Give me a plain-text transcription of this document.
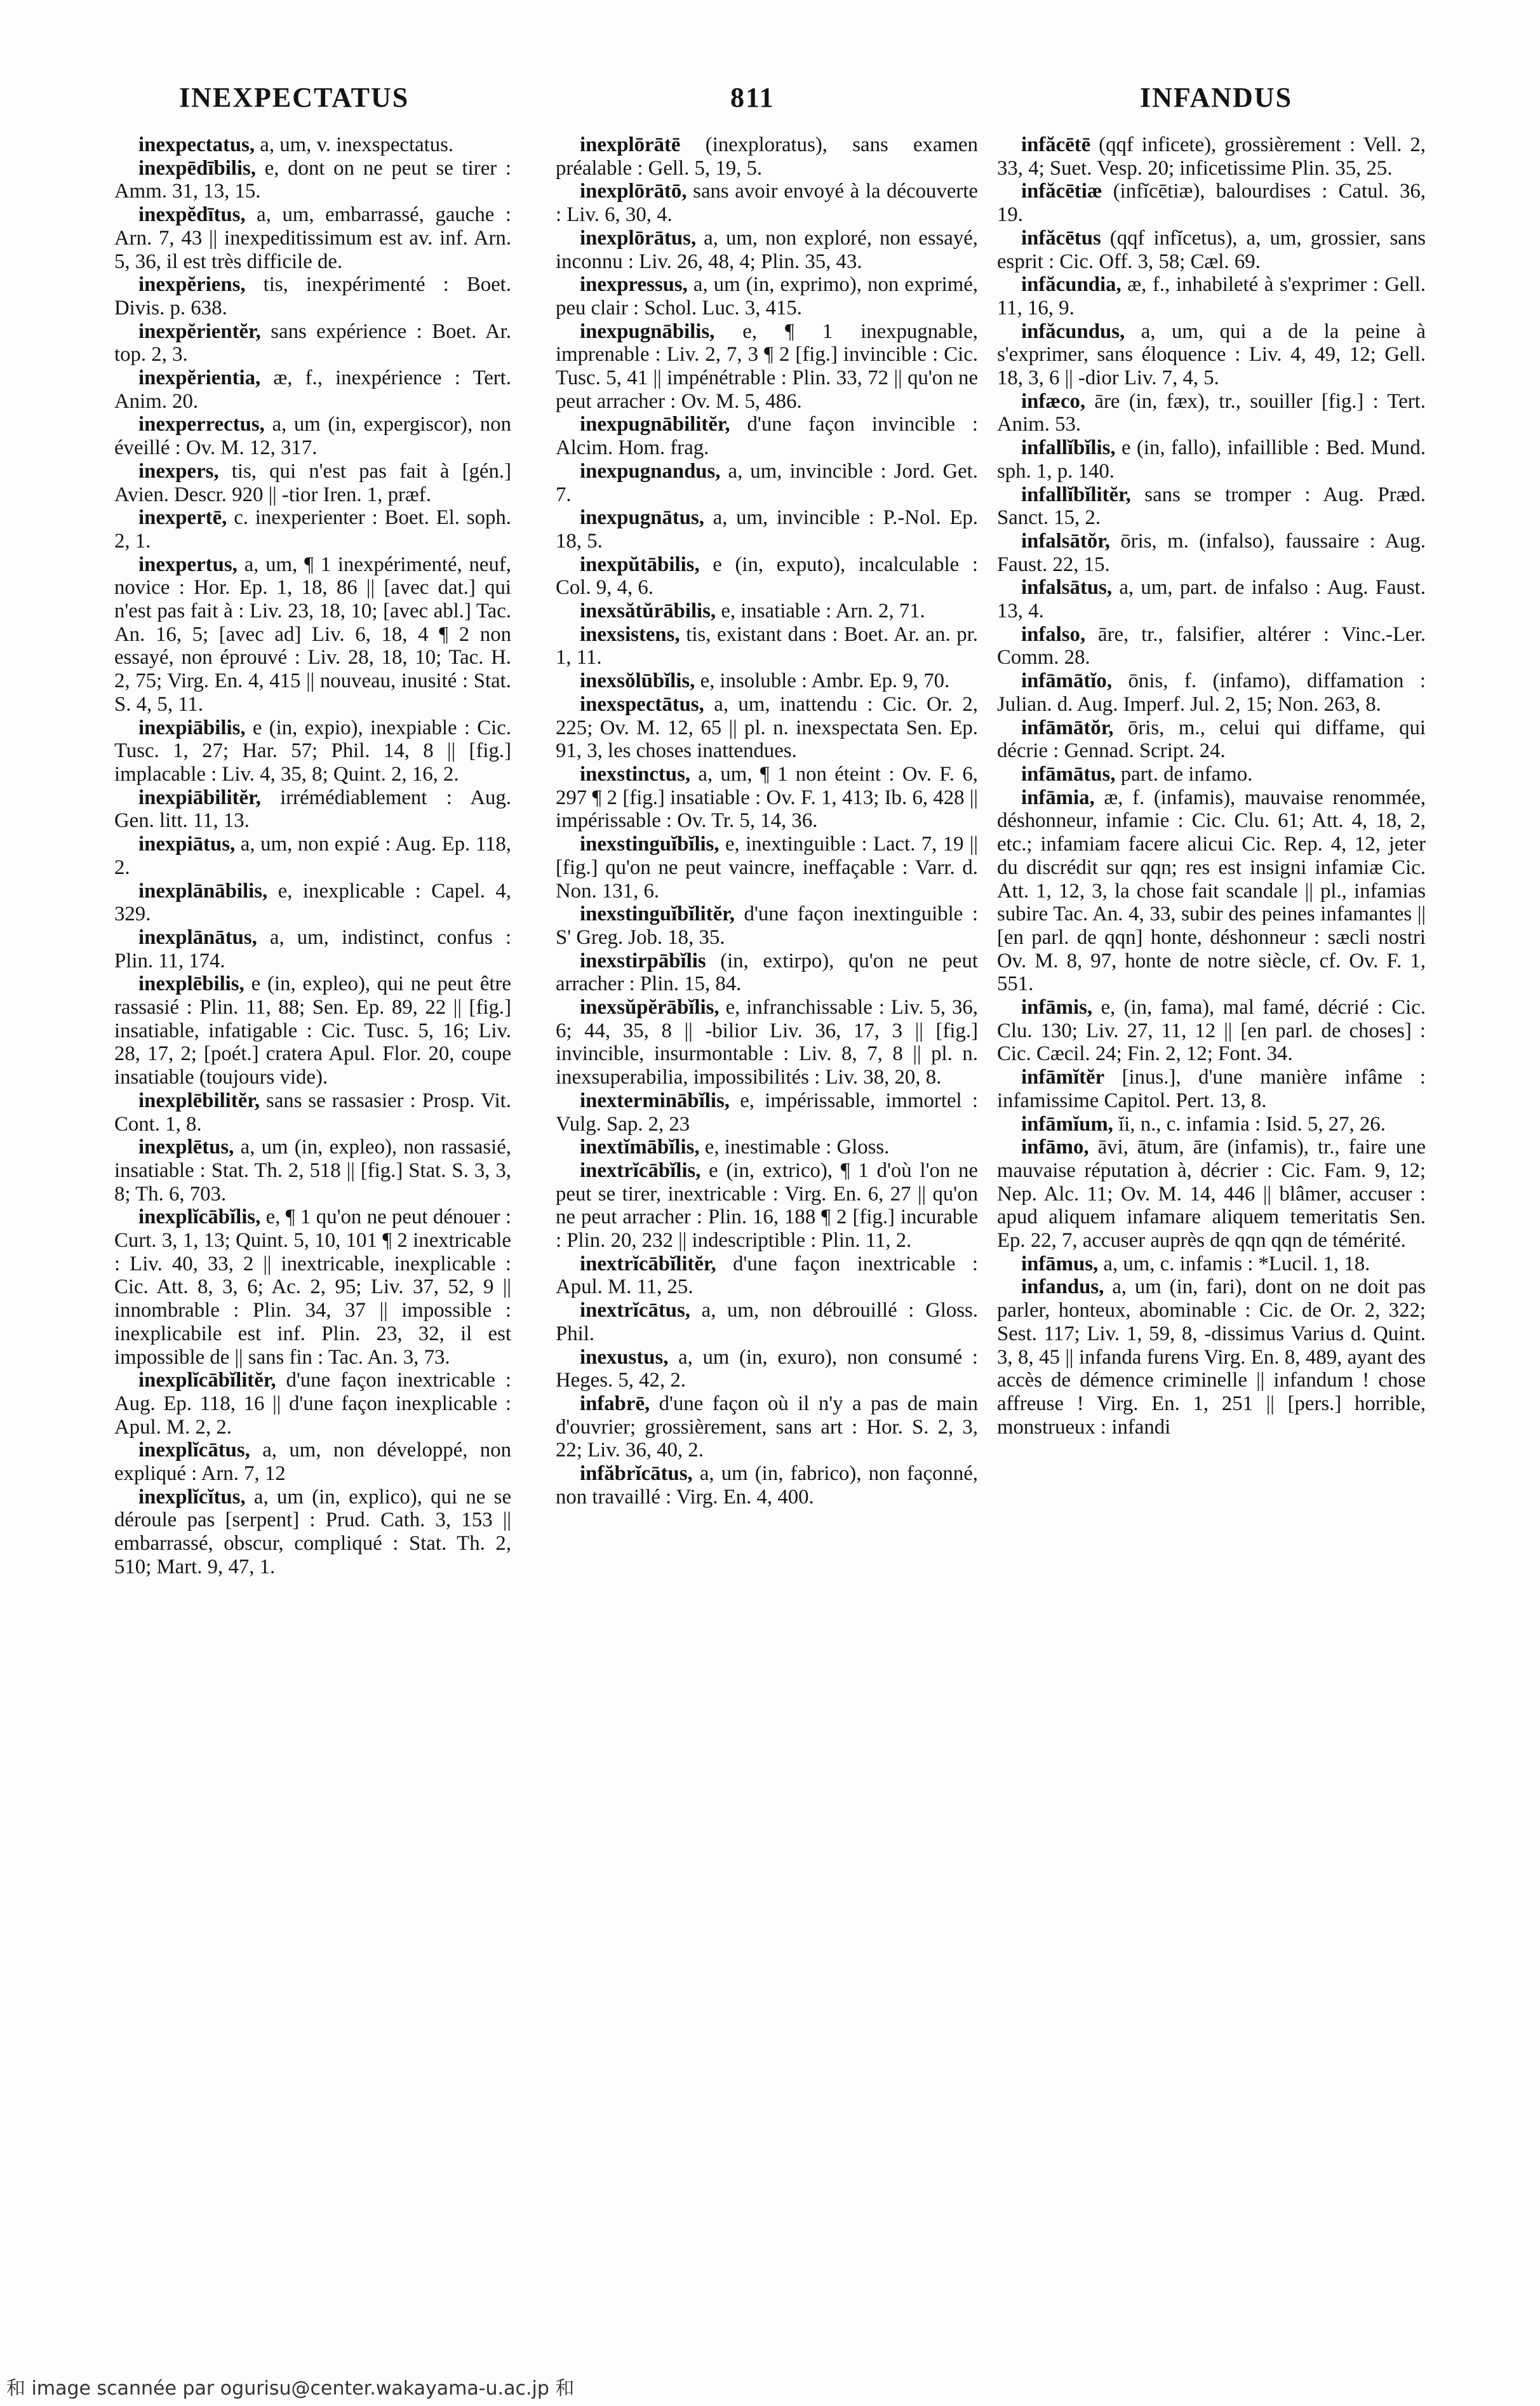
INEXPECTATUS	811	INFANDUS

inexpectatus, a, um, v. inexspectatus.

inexpēdībilis, e, dont on ne peut se tirer : Amm. 31, 13, 15.

inexpĕdītus, a, um, embarrassé, gauche : Arn. 7, 43 || inexpeditissimum est av. inf. Arn. 5, 36, il est très difficile de.

inexpĕriens, tis, inexpérimenté : Boet. Divis. p. 638.

inexpĕrientĕr, sans expérience : Boet. Ar. top. 2, 3.

inexpĕrientia, æ, f., inexpérience : Tert. Anim. 20.

inexperrectus, a, um (in, expergiscor), non éveillé : Ov. M. 12, 317.

inexpers, tis, qui n'est pas fait à [gén.] Avien. Descr. 920 || -tior Iren. 1, præf.

inexpertē, c. inexperienter : Boet. El. soph. 2, 1.

inexpertus, a, um, ¶ 1 inexpérimenté, neuf, novice : Hor. Ep. 1, 18, 86 || [avec dat.] qui n'est pas fait à : Liv. 23, 18, 10; [avec abl.] Tac. An. 16, 5; [avec ad] Liv. 6, 18, 4 ¶ 2 non essayé, non éprouvé : Liv. 28, 18, 10; Tac. H. 2, 75; Virg. En. 4, 415 || nouveau, inusité : Stat. S. 4, 5, 11.

inexpiābilis, e (in, expio), inexpiable : Cic. Tusc. 1, 27; Har. 57; Phil. 14, 8 || [fig.] implacable : Liv. 4, 35, 8; Quint. 2, 16, 2.

inexpiābilitĕr, irrémédiablement : Aug. Gen. litt. 11, 13.

inexpiātus, a, um, non expié : Aug. Ep. 118, 2.

inexplānābilis, e, inexplicable : Capel. 4, 329.

inexplānātus, a, um, indistinct, confus : Plin. 11, 174.

inexplēbilis, e (in, expleo), qui ne peut être rassasié : Plin. 11, 88; Sen. Ep. 89, 22 || [fig.] insatiable, infatigable : Cic. Tusc. 5, 16; Liv. 28, 17, 2; [poét.] cratera Apul. Flor. 20, coupe insatiable (toujours vide).

inexplēbilitĕr, sans se rassasier : Prosp. Vit. Cont. 1, 8.

inexplētus, a, um (in, expleo), non rassasié, insatiable : Stat. Th. 2, 518 || [fig.] Stat. S. 3, 3, 8; Th. 6, 703.

inexplĭcābĭlis, e, ¶ 1 qu'on ne peut dénouer : Curt. 3, 1, 13; Quint. 5, 10, 101 ¶ 2 inextricable : Liv. 40, 33, 2 || inextricable, inexplicable : Cic. Att. 8, 3, 6; Ac. 2, 95; Liv. 37, 52, 9 || innombrable : Plin. 34, 37 || impossible : inexplicabile est inf. Plin. 23, 32, il est impossible de || sans fin : Tac. An. 3, 73.

inexplĭcābĭlitĕr, d'une façon inextricable : Aug. Ep. 118, 16 || d'une façon inexplicable : Apul. M. 2, 2.

inexplĭcātus, a, um, non développé, non expliqué : Arn. 7, 12

inexplĭcĭtus, a, um (in, explico), qui ne se déroule pas [serpent] : Prud. Cath. 3, 153 || embarrassé, obscur, compliqué : Stat. Th. 2, 510; Mart. 9, 47, 1.

inexplōrātē (inexploratus), sans examen préalable : Gell. 5, 19, 5.

inexplōrātō, sans avoir envoyé à la découverte : Liv. 6, 30, 4.

inexplōrātus, a, um, non exploré, non essayé, inconnu : Liv. 26, 48, 4; Plin. 35, 43.

inexpressus, a, um (in, exprimo), non exprimé, peu clair : Schol. Luc. 3, 415.

inexpugnābilis, e, ¶ 1 inexpugnable, imprenable : Liv. 2, 7, 3 ¶ 2 [fig.] invincible : Cic. Tusc. 5, 41 || impénétrable : Plin. 33, 72 || qu'on ne peut arracher : Ov. M. 5, 486.

inexpugnābilitĕr, d'une façon invincible : Alcim. Hom. frag.

inexpugnandus, a, um, invincible : Jord. Get. 7.

inexpugnātus, a, um, invincible : P.-Nol. Ep. 18, 5.

inexpŭtābilis, e (in, exputo), incalculable : Col. 9, 4, 6.

inexsătŭrābilis, e, insatiable : Arn. 2, 71.

inexsistens, tis, existant dans : Boet. Ar. an. pr. 1, 11.

inexsŏlūbĭlis, e, insoluble : Ambr. Ep. 9, 70.

inexspectātus, a, um, inattendu : Cic. Or. 2, 225; Ov. M. 12, 65 || pl. n. inexspectata Sen. Ep. 91, 3, les choses inattendues.

inexstinctus, a, um, ¶ 1 non éteint : Ov. F. 6, 297 ¶ 2 [fig.] insatiable : Ov. F. 1, 413; Ib. 6, 428 || impérissable : Ov. Tr. 5, 14, 36.

inexstinguĭbĭlis, e, inextinguible : Lact. 7, 19 || [fig.] qu'on ne peut vaincre, ineffaçable : Varr. d. Non. 131, 6.

inexstinguĭbĭlitĕr, d'une façon inextinguible : S' Greg. Job. 18, 35.

inexstirpābĭlis (in, extirpo), qu'on ne peut arracher : Plin. 15, 84.

inexsŭpĕrābĭlis, e, infranchissable : Liv. 5, 36, 6; 44, 35, 8 || -bilior Liv. 36, 17, 3 || [fig.] invincible, insurmontable : Liv. 8, 7, 8 || pl. n. inexsuperabilia, impossibilités : Liv. 38, 20, 8.

inexterminābĭlis, e, impérissable, immortel : Vulg. Sap. 2, 23

inextĭmābĭlis, e, inestimable : Gloss.

inextrĭcābĭlis, e (in, extrico), ¶ 1 d'où l'on ne peut se tirer, inextricable : Virg. En. 6, 27 || qu'on ne peut arracher : Plin. 16, 188 ¶ 2 [fig.] incurable : Plin. 20, 232 || indescriptible : Plin. 11, 2.

inextrĭcābĭlitĕr, d'une façon inextricable : Apul. M. 11, 25.

inextrĭcātus, a, um, non débrouillé : Gloss. Phil.

inexustus, a, um (in, exuro), non consumé : Heges. 5, 42, 2.

infabrē, d'une façon où il n'y a pas de main d'ouvrier; grossièrement, sans art : Hor. S. 2, 3, 22; Liv. 36, 40, 2.

infăbrĭcātus, a, um (in, fabrico), non façonné, non travaillé : Virg. En. 4, 400.

infăcētē (qqf inficete), grossièrement : Vell. 2, 33, 4; Suet. Vesp. 20; inficetissime Plin. 35, 25.

infăcētiæ (infĭcētiæ), balourdises : Catul. 36, 19.

infăcētus (qqf infĭcetus), a, um, grossier, sans esprit : Cic. Off. 3, 58; Cæl. 69.

infăcundia, æ, f., inhabileté à s'exprimer : Gell. 11, 16, 9.

infăcundus, a, um, qui a de la peine à s'exprimer, sans éloquence : Liv. 4, 49, 12; Gell. 18, 3, 6 || -dior Liv. 7, 4, 5.

infæco, āre (in, fæx), tr., souiller [fig.] : Tert. Anim. 53.

infallĭbĭlis, e (in, fallo), infaillible : Bed. Mund. sph. 1, p. 140.

infallĭbĭlitĕr, sans se tromper : Aug. Præd. Sanct. 15, 2.

infalsātŏr, ōris, m. (infalso), faussaire : Aug. Faust. 22, 15.

infalsātus, a, um, part. de infalso : Aug. Faust. 13, 4.

infalso, āre, tr., falsifier, altérer : Vinc.-Ler. Comm. 28.

infāmātĭo, ōnis, f. (infamo), diffamation : Julian. d. Aug. Imperf. Jul. 2, 15; Non. 263, 8.

infāmātŏr, ōris, m., celui qui diffame, qui décrie : Gennad. Script. 24.

infāmātus, part. de infamo.

infāmia, æ, f. (infamis), mauvaise renommée, déshonneur, infamie : Cic. Clu. 61; Att. 4, 18, 2, etc.; infamiam facere alicui Cic. Rep. 4, 12, jeter du discrédit sur qqn; res est insigni infamiæ Cic. Att. 1, 12, 3, la chose fait scandale || pl., infamias subire Tac. An. 4, 33, subir des peines infamantes || [en parl. de qqn] honte, déshonneur : sæcli nostri Ov. M. 8, 97, honte de notre siècle, cf. Ov. F. 1, 551.

infāmis, e, (in, fama), mal famé, décrié : Cic. Clu. 130; Liv. 27, 11, 12 || [en parl. de choses] : Cic. Cæcil. 24; Fin. 2, 12; Font. 34.

infāmĭtĕr [inus.], d'une manière infâme : infamissime Capitol. Pert. 13, 8.

infāmĭum, ĭi, n., c. infamia : Isid. 5, 27, 26.

infāmo, āvi, ātum, āre (infamis), tr., faire une mauvaise réputation à, décrier : Cic. Fam. 9, 12; Nep. Alc. 11; Ov. M. 14, 446 || blâmer, accuser : apud aliquem infamare aliquem temeritatis Sen. Ep. 22, 7, accuser auprès de qqn qqn de témérité.

infāmus, a, um, c. infamis : *Lucil. 1, 18.

infandus, a, um (in, fari), dont on ne doit pas parler, honteux, abominable : Cic. de Or. 2, 322; Sest. 117; Liv. 1, 59, 8, -dissimus Varius d. Quint. 3, 8, 45 || infanda furens Virg. En. 8, 489, ayant des accès de démence criminelle || infandum ! chose affreuse ! Virg. En. 1, 251 || [pers.] horrible, monstrueux : infandi

和 image scannée par ogurisu@center.wakayama-u.ac.jp 和
